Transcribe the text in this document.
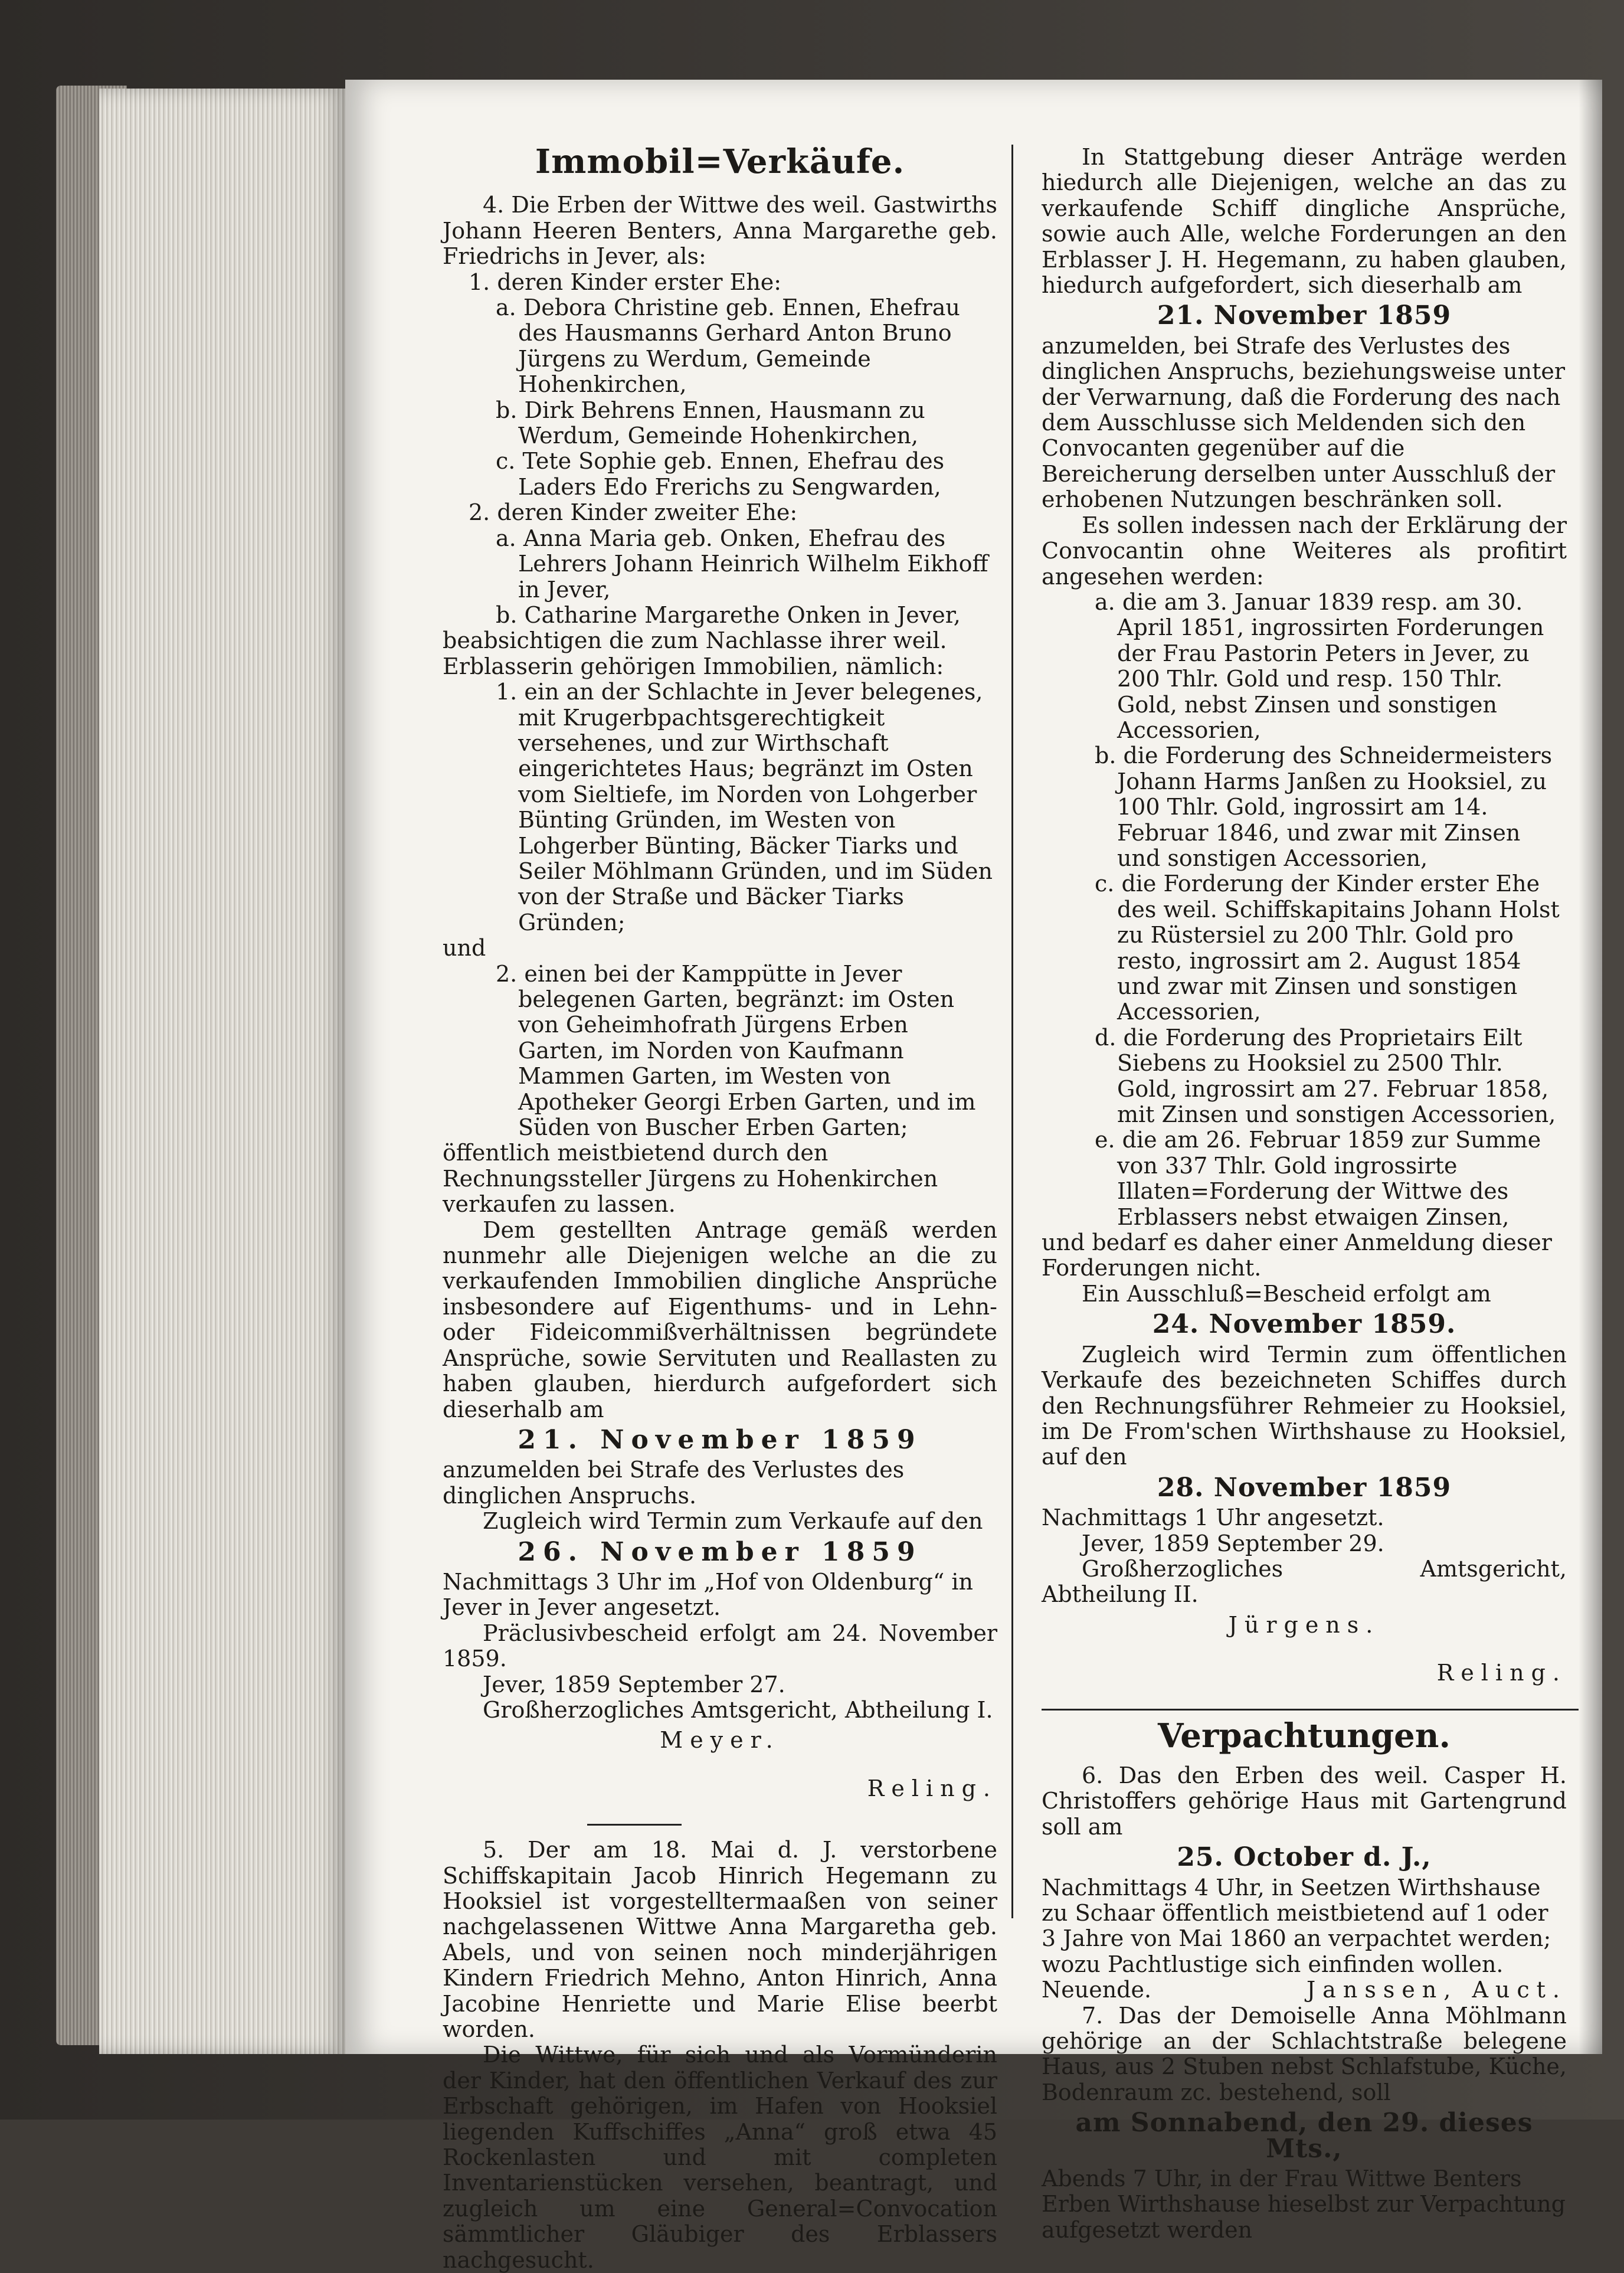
Immobil=Verkäufe.

4. Die Erben der Wittwe des weil. Gastwirths Johann Heeren Benters, Anna Margarethe geb. Friedrichs in Jever, als:

1. deren Kinder erster Ehe:

a. Debora Christine geb. Ennen, Ehefrau des Hausmanns Gerhard Anton Bruno Jürgens zu Werdum, Gemeinde Hohenkirchen,

b. Dirk Behrens Ennen, Hausmann zu Werdum, Gemeinde Hohenkirchen,

c. Tete Sophie geb. Ennen, Ehefrau des Laders Edo Frerichs zu Sengwarden,

2. deren Kinder zweiter Ehe:

a. Anna Maria geb. Onken, Ehefrau des Lehrers Johann Heinrich Wilhelm Eikhoff in Jever,

b. Catharine Margarethe Onken in Jever,

beabsichtigen die zum Nachlasse ihrer weil. Erblasserin gehörigen Immobilien, nämlich:

1. ein an der Schlachte in Jever belegenes, mit Krugerbpachtsgerechtigkeit versehenes, und zur Wirthschaft eingerichtetes Haus; begränzt im Osten vom Sieltiefe, im Norden von Lohgerber Bünting Gründen, im Westen von Lohgerber Bünting, Bäcker Tiarks und Seiler Möhlmann Gründen, und im Süden von der Straße und Bäcker Tiarks Gründen;

und

2. einen bei der Kamppütte in Jever belegenen Garten, begränzt: im Osten von Geheimhofrath Jürgens Erben Garten, im Norden von Kaufmann Mammen Garten, im Westen von Apotheker Georgi Erben Garten, und im Süden von Buscher Erben Garten;

öffentlich meistbietend durch den Rechnungssteller Jürgens zu Hohenkirchen verkaufen zu lassen.

Dem gestellten Antrage gemäß werden nunmehr alle Diejenigen welche an die zu verkaufenden Immobilien dingliche Ansprüche insbesondere auf Eigenthums- und in Lehn- oder Fideicommißverhältnissen begründete Ansprüche, sowie Servituten und Reallasten zu haben glauben, hierdurch aufgefordert sich dieserhalb am

21. November 1859

anzumelden bei Strafe des Verlustes des dinglichen Anspruchs.

Zugleich wird Termin zum Verkaufe auf den

26. November 1859

Nachmittags 3 Uhr im „Hof von Oldenburg“ in Jever in Jever angesetzt.

Präclusivbescheid erfolgt am 24. November 1859.

Jever, 1859 September 27.

Großherzogliches Amtsgericht, Abtheilung I.

Meyer.

Reling.

5. Der am 18. Mai d. J. verstorbene Schiffskapitain Jacob Hinrich Hegemann zu Hooksiel ist vorgestelltermaaßen von seiner nachgelassenen Wittwe Anna Margaretha geb. Abels, und von seinen noch minderjährigen Kindern Friedrich Mehno, Anton Hinrich, Anna Jacobine Henriette und Marie Elise beerbt worden.

Die Wittwe, für sich und als Vormünderin der Kinder, hat den öffentlichen Verkauf des zur Erbschaft gehörigen, im Hafen von Hooksiel liegenden Kuffschiffes „Anna“ groß etwa 45 Rockenlasten und mit completen Inventarienstücken versehen, beantragt, und zugleich um eine General=Convocation sämmtlicher Gläubiger des Erblassers nachgesucht.

In Stattgebung dieser Anträge werden hiedurch alle Diejenigen, welche an das zu verkaufende Schiff dingliche Ansprüche, sowie auch Alle, welche Forderungen an den Erblasser J. H. Hegemann, zu haben glauben, hiedurch aufgefordert, sich dieserhalb am

21. November 1859

anzumelden, bei Strafe des Verlustes des dinglichen Anspruchs, beziehungsweise unter der Verwarnung, daß die Forderung des nach dem Ausschlusse sich Meldenden sich den Convocanten gegenüber auf die Bereicherung derselben unter Ausschluß der erhobenen Nutzungen beschränken soll.

Es sollen indessen nach der Erklärung der Convocantin ohne Weiteres als profitirt angesehen werden:

a. die am 3. Januar 1839 resp. am 30. April 1851, ingrossirten Forderungen der Frau Pastorin Peters in Jever, zu 200 Thlr. Gold und resp. 150 Thlr. Gold, nebst Zinsen und sonstigen Accessorien,

b. die Forderung des Schneidermeisters Johann Harms Janßen zu Hooksiel, zu 100 Thlr. Gold, ingrossirt am 14. Februar 1846, und zwar mit Zinsen und sonstigen Accessorien,

c. die Forderung der Kinder erster Ehe des weil. Schiffskapitains Johann Holst zu Rüstersiel zu 200 Thlr. Gold pro resto, ingrossirt am 2. August 1854 und zwar mit Zinsen und sonstigen Accessorien,

d. die Forderung des Proprietairs Eilt Siebens zu Hooksiel zu 2500 Thlr. Gold, ingrossirt am 27. Februar 1858, mit Zinsen und sonstigen Accessorien,

e. die am 26. Februar 1859 zur Summe von 337 Thlr. Gold ingrossirte Illaten=Forderung der Wittwe des Erblassers nebst etwaigen Zinsen,

und bedarf es daher einer Anmeldung dieser Forderungen nicht.

Ein Ausschluß=Bescheid erfolgt am

24. November 1859.

Zugleich wird Termin zum öffentlichen Verkaufe des bezeichneten Schiffes durch den Rechnungsführer Rehmeier zu Hooksiel, im De From'schen Wirthshause zu Hooksiel, auf den

28. November 1859

Nachmittags 1 Uhr angesetzt.

Jever, 1859 September 29.

Großherzogliches Amtsgericht, Abtheilung II.

Jürgens.

Reling.

Verpachtungen.

6. Das den Erben des weil. Casper H. Christoffers gehörige Haus mit Gartengrund soll am

25. October d. J.,

Nachmittags 4 Uhr, in Seetzen Wirthshause zu Schaar öffentlich meistbietend auf 1 oder 3 Jahre von Mai 1860 an verpachtet werden; wozu Pachtlustige sich einfinden wollen.

Neuende.	Janssen, Auct.

7. Das der Demoiselle Anna Möhlmann gehörige an der Schlachtstraße belegene Haus, aus 2 Stuben nebst Schlafstube, Küche, Bodenraum zc. bestehend, soll

am Sonnabend, den 29. dieses Mts.,

Abends 7 Uhr, in der Frau Wittwe Benters Erben Wirthshause hieselbst zur Verpachtung aufgesetzt werden
